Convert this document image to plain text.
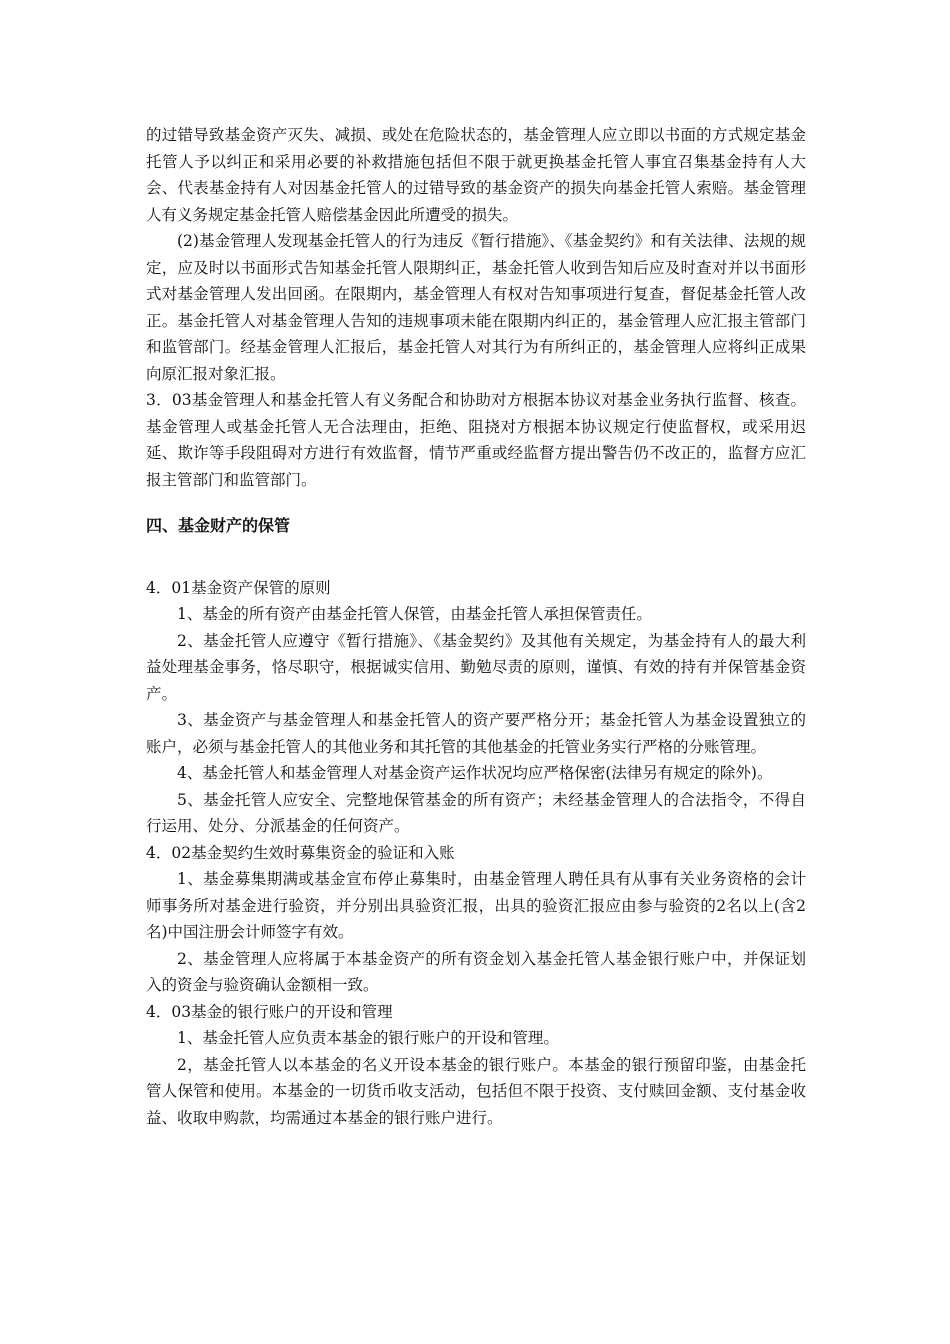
的过错导致基金资产灭失、减损、或处在危险状态的，基金管理人应立即以书面的方式规定基金托管人予以纠正和采用必要的补救措施包括但不限于就更换基金托管人事宜召集基金持有人大会、代表基金持有人对因基金托管人的过错导致的基金资产的损失向基金托管人索赔。基金管理人有义务规定基金托管人赔偿基金因此所遭受的损失。

(2)基金管理人发现基金托管人的行为违反《暂行措施》、《基金契约》和有关法律、法规的规定，应及时以书面形式告知基金托管人限期纠正，基金托管人收到告知后应及时查对并以书面形式对基金管理人发出回函。在限期内，基金管理人有权对告知事项进行复查，督促基金托管人改正。基金托管人对基金管理人告知的违规事项未能在限期内纠正的，基金管理人应汇报主管部门和监管部门。经基金管理人汇报后，基金托管人对其行为有所纠正的，基金管理人应将纠正成果向原汇报对象汇报。

3．03基金管理人和基金托管人有义务配合和协助对方根据本协议对基金业务执行监督、核查。基金管理人或基金托管人无合法理由，拒绝、阻挠对方根据本协议规定行使监督权，或采用迟延、欺诈等手段阻碍对方进行有效监督，情节严重或经监督方提出警告仍不改正的，监督方应汇报主管部门和监管部门。

四、基金财产的保管

4．01基金资产保管的原则

1、基金的所有资产由基金托管人保管，由基金托管人承担保管责任。

2、基金托管人应遵守《暂行措施》、《基金契约》及其他有关规定，为基金持有人的最大利益处理基金事务，恪尽职守，根据诚实信用、勤勉尽责的原则，谨慎、有效的持有并保管基金资产。

3、基金资产与基金管理人和基金托管人的资产要严格分开；基金托管人为基金设置独立的账户，必须与基金托管人的其他业务和其托管的其他基金的托管业务实行严格的分账管理。

4、基金托管人和基金管理人对基金资产运作状况均应严格保密(法律另有规定的除外)。

5、基金托管人应安全、完整地保管基金的所有资产；未经基金管理人的合法指令，不得自行运用、处分、分派基金的任何资产。

4．02基金契约生效时募集资金的验证和入账

1、基金募集期满或基金宣布停止募集时，由基金管理人聘任具有从事有关业务资格的会计师事务所对基金进行验资，并分别出具验资汇报，出具的验资汇报应由参与验资的2名以上(含2名)中国注册会计师签字有效。

2、基金管理人应将属于本基金资产的所有资金划入基金托管人基金银行账户中，并保证划入的资金与验资确认金额相一致。

4．03基金的银行账户的开设和管理

1、基金托管人应负责本基金的银行账户的开设和管理。

2，基金托管人以本基金的名义开设本基金的银行账户。本基金的银行预留印鉴，由基金托管人保管和使用。本基金的一切货币收支活动，包括但不限于投资、支付赎回金额、支付基金收益、收取申购款，均需通过本基金的银行账户进行。
